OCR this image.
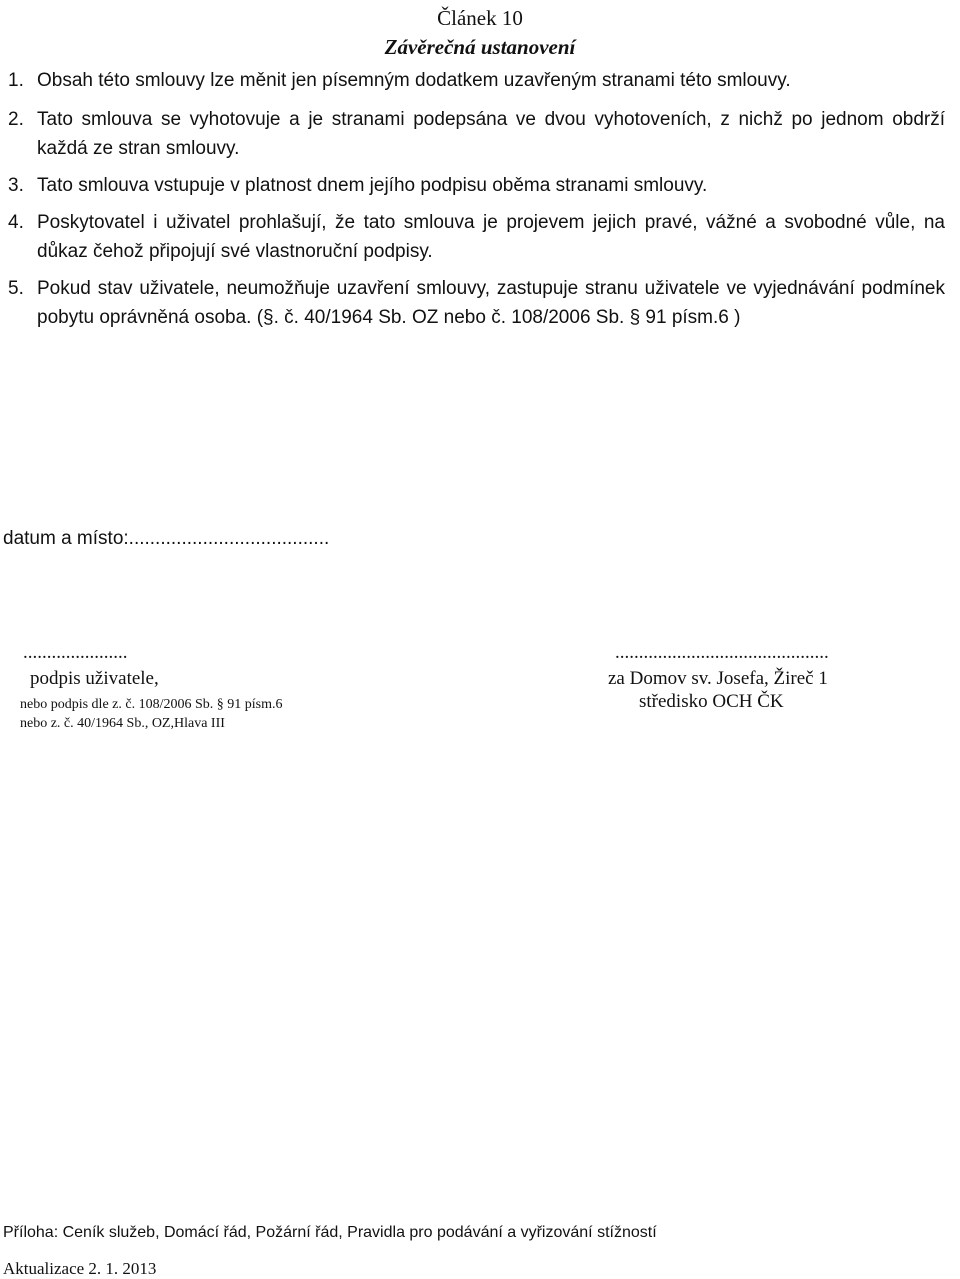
Článek 10
Závěrečná ustanovení
1. Obsah této smlouvy lze měnit jen písemným dodatkem uzavřeným stranami této smlouvy.
2. Tato smlouva se vyhotovuje a je stranami podepsána ve dvou vyhotoveních, z nichž po jednom obdrží každá ze stran smlouvy.
3. Tato smlouva vstupuje v platnost dnem jejího podpisu oběma stranami smlouvy.
4. Poskytovatel i uživatel prohlašují, že tato smlouva je projevem jejich pravé, vážné a svobodné vůle, na důkaz čehož připojují své vlastnoruční podpisy.
5. Pokud stav uživatele, neumožňuje uzavření smlouvy, zastupuje stranu uživatele ve vyjednávání podmínek pobytu oprávněná osoba. (§. č. 40/1964 Sb. OZ nebo č. 108/2006 Sb. § 91 písm.6 )
datum a místo:......................................
......................
podpis uživatele,
nebo podpis dle z. č. 108/2006 Sb. § 91 písm.6
nebo z. č. 40/1964 Sb., OZ,Hlava III
.............................................
za Domov sv. Josefa, Žireč 1
středisko OCH ČK
Příloha: Ceník služeb, Domácí řád, Požární řád, Pravidla pro podávání a vyřizování stížností
Aktualizace 2. 1. 2013
